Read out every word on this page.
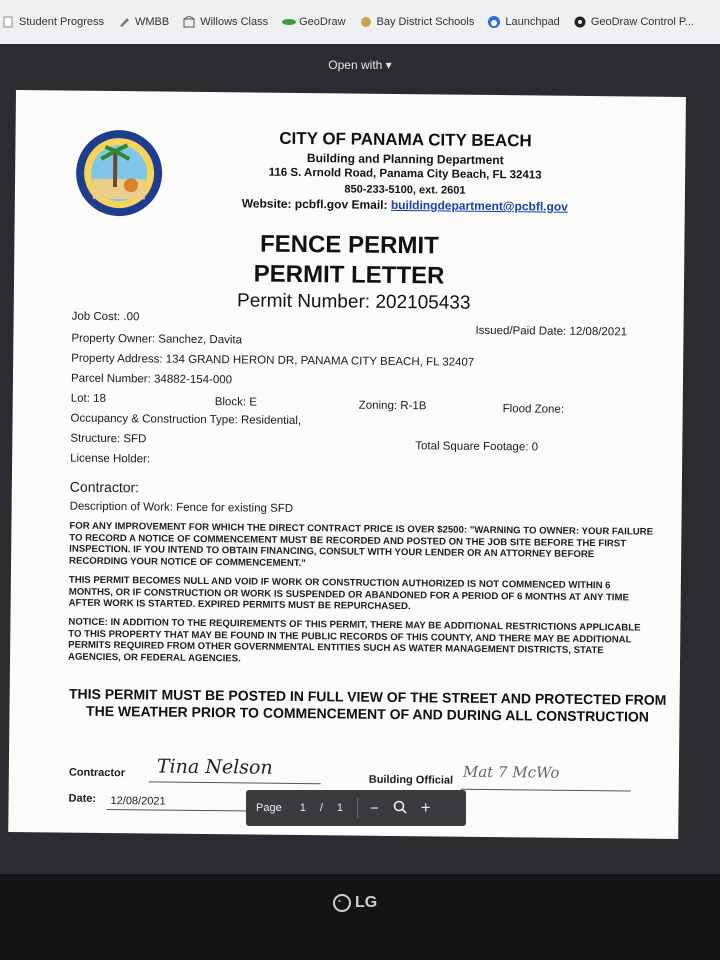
Student Progress	WMBB	Willows Class	GeoDraw	Bay District Schools	Launchpad	GeoDraw Control P...
Open with ▾
CITY OF PANAMA CITY BEACH
Building and Planning Department
116 S. Arnold Road, Panama City Beach, FL 32413
850-233-5100, ext. 2601
Website: pcbfl.gov Email: buildingdepartment@pcbfl.gov
FENCE PERMIT
PERMIT LETTER
Permit Number: 202105433
Job Cost: .00
Issued/Paid Date: 12/08/2021
Property Owner: Sanchez, Davita
Property Address: 134 GRAND HERON DR, PANAMA CITY BEACH, FL 32407
Parcel Number: 34882-154-000
Lot: 18	Block: E	Zoning: R-1B	Flood Zone:
Occupancy & Construction Type: Residential,
Structure: SFD
Total Square Footage: 0
License Holder:
Contractor:
Description of Work: Fence for existing SFD
FOR ANY IMPROVEMENT FOR WHICH THE DIRECT CONTRACT PRICE IS OVER $2500: "WARNING TO OWNER: YOUR FAILURE TO RECORD A NOTICE OF COMMENCEMENT MUST BE RECORDED AND POSTED ON THE JOB SITE BEFORE THE FIRST INSPECTION. IF YOU INTEND TO OBTAIN FINANCING, CONSULT WITH YOUR LENDER OR AN ATTORNEY BEFORE RECORDING YOUR NOTICE OF COMMENCEMENT."
THIS PERMIT BECOMES NULL AND VOID IF WORK OR CONSTRUCTION AUTHORIZED IS NOT COMMENCED WITHIN 6 MONTHS, OR IF CONSTRUCTION OR WORK IS SUSPENDED OR ABANDONED FOR A PERIOD OF 6 MONTHS AT ANY TIME AFTER WORK IS STARTED. EXPIRED PERMITS MUST BE REPURCHASED.
NOTICE: IN ADDITION TO THE REQUIREMENTS OF THIS PERMIT, THERE MAY BE ADDITIONAL RESTRICTIONS APPLICABLE TO THIS PROPERTY THAT MAY BE FOUND IN THE PUBLIC RECORDS OF THIS COUNTY, AND THERE MAY BE ADDITIONAL PERMITS REQUIRED FROM OTHER GOVERNMENTAL ENTITIES SUCH AS WATER MANAGEMENT DISTRICTS, STATE AGENCIES, OR FEDERAL AGENCIES.
THIS PERMIT MUST BE POSTED IN FULL VIEW OF THE STREET AND PROTECTED FROM THE WEATHER PRIOR TO COMMENCEMENT OF AND DURING ALL CONSTRUCTION
Contractor Tina Nelson
Building Official Mat 7 McWo
Date: 12/08/2021
Page 1 / 1 − +
LG
